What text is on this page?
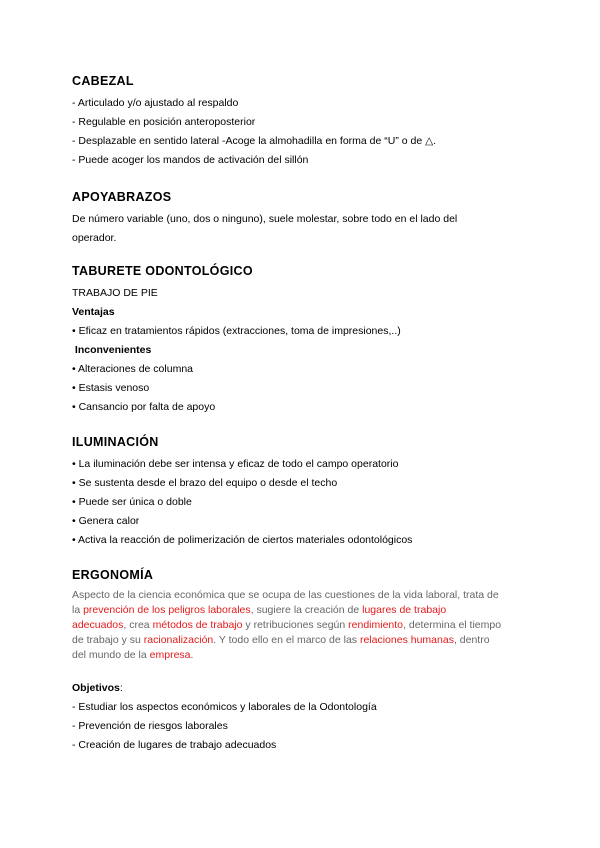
CABEZAL

- Articulado y/o ajustado al respaldo

- Regulable en posición anteroposterior

- Desplazable en sentido lateral -Acoge la almohadilla en forma de “U” o de △.

- Puede acoger los mandos de activación del sillón

APOYABRAZOS

De número variable (uno, dos o ninguno), suele molestar, sobre todo en el lado del operador.

TABURETE ODONTOLÓGICO

TRABAJO DE PIE

Ventajas

• Eficaz en tratamientos rápidos (extracciones, toma de impresiones,..)

Inconvenientes

• Alteraciones de columna

• Estasis venoso

• Cansancio por falta de apoyo

ILUMINACIÓN

• La iluminación debe ser intensa y eficaz de todo el campo operatorio

• Se sustenta desde el brazo del equipo o desde el techo

• Puede ser única o doble

• Genera calor

• Activa la reacción de polimerización de ciertos materiales odontológicos

ERGONOMÍA

Aspecto de la ciencia económica que se ocupa de las cuestiones de la vida laboral, trata de

la prevención de los peligros laborales, sugiere la creación de lugares de trabajo

adecuados, crea métodos de trabajo y retribuciones según rendimiento, determina el tiempo

de trabajo y su racionalización. Y todo ello en el marco de las relaciones humanas, dentro

del mundo de la empresa.

Objetivos:

- Estudiar los aspectos económicos y laborales de la Odontología

- Prevención de riesgos laborales

- Creación de lugares de trabajo adecuados
